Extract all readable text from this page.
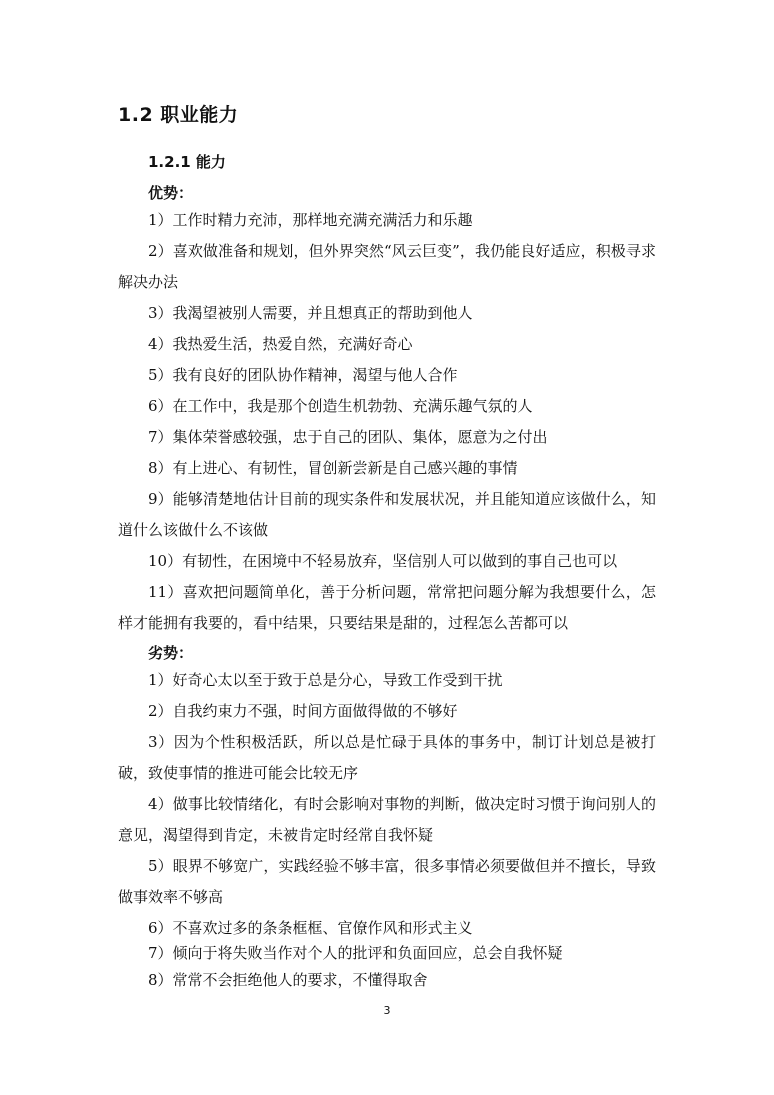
1.2 职业能力
1.2.1 能力
优势：
1）工作时精力充沛，那样地充满充满活力和乐趣
2）喜欢做准备和规划，但外界突然“风云巨变”，我仍能良好适应，积极寻求解决办法
3）我渴望被别人需要，并且想真正的帮助到他人
4）我热爱生活，热爱自然，充满好奇心
5）我有良好的团队协作精神，渴望与他人合作
6）在工作中，我是那个创造生机勃勃、充满乐趣气氛的人
7）集体荣誉感较强，忠于自己的团队、集体，愿意为之付出
8）有上进心、有韧性，冒创新尝新是自己感兴趣的事情
9）能够清楚地估计目前的现实条件和发展状况，并且能知道应该做什么，知道什么该做什么不该做
10）有韧性，在困境中不轻易放弃，坚信别人可以做到的事自己也可以
11）喜欢把问题简单化，善于分析问题，常常把问题分解为我想要什么，怎样才能拥有我要的，看中结果，只要结果是甜的，过程怎么苦都可以
劣势：
1）好奇心太以至于致于总是分心，导致工作受到干扰
2）自我约束力不强，时间方面做得做的不够好
3）因为个性积极活跃，所以总是忙碌于具体的事务中，制订计划总是被打破，致使事情的推进可能会比较无序
4）做事比较情绪化，有时会影响对事物的判断，做决定时习惯于询问别人的意见，渴望得到肯定，未被肯定时经常自我怀疑
5）眼界不够宽广，实践经验不够丰富，很多事情必须要做但并不擅长，导致做事效率不够高
6）不喜欢过多的条条框框、官僚作风和形式主义
7）倾向于将失败当作对个人的批评和负面回应，总会自我怀疑
8）常常不会拒绝他人的要求，不懂得取舍
3
